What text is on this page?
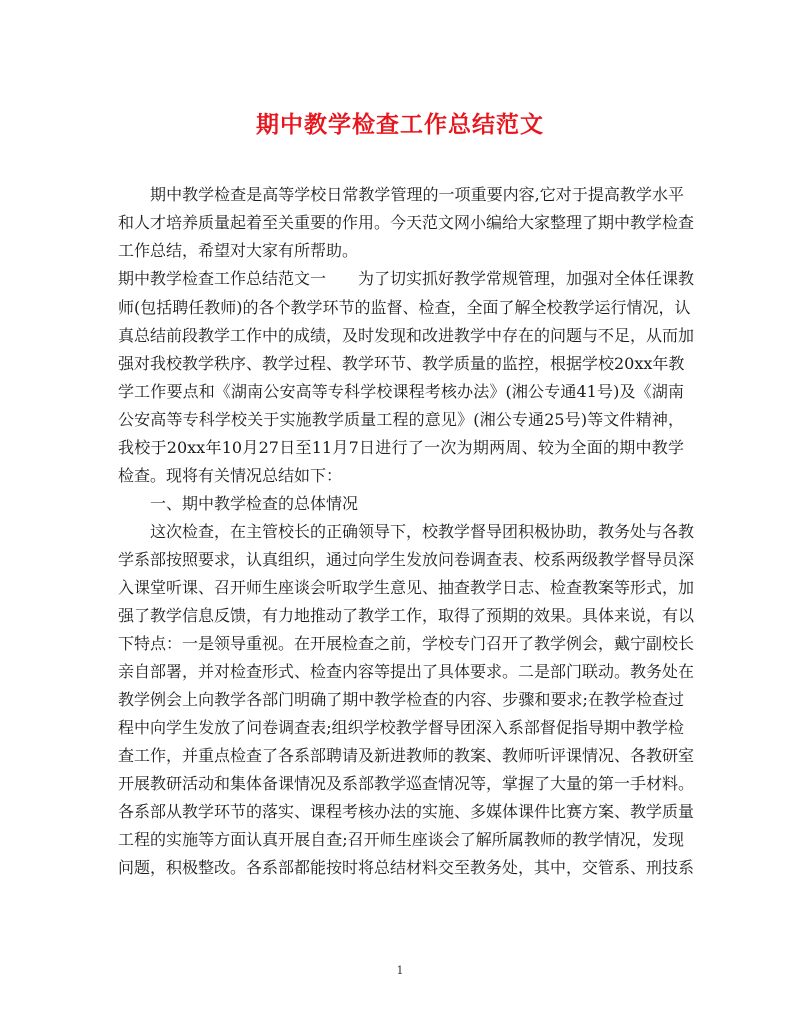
期中教学检查工作总结范文
　　期中教学检查是高等学校日常教学管理的一项重要内容,它对于提高教学水平
和人才培养质量起着至关重要的作用。今天范文网小编给大家整理了期中教学检查
工作总结，希望对大家有所帮助。
期中教学检查工作总结范文一　　为了切实抓好教学常规管理，加强对全体任课教
师(包括聘任教师)的各个教学环节的监督、检查，全面了解全校教学运行情况，认
真总结前段教学工作中的成绩，及时发现和改进教学中存在的问题与不足，从而加
强对我校教学秩序、教学过程、教学环节、教学质量的监控，根据学校20xx年教
学工作要点和《湖南公安高等专科学校课程考核办法》(湘公专通41号)及《湖南
公安高等专科学校关于实施教学质量工程的意见》(湘公专通25号)等文件精神，
我校于20xx年10月27日至11月7日进行了一次为期两周、较为全面的期中教学
检查。现将有关情况总结如下：
　　一、期中教学检查的总体情况
　　这次检查，在主管校长的正确领导下，校教学督导团积极协助，教务处与各教
学系部按照要求，认真组织，通过向学生发放问卷调查表、校系两级教学督导员深
入课堂听课、召开师生座谈会听取学生意见、抽查教学日志、检查教案等形式，加
强了教学信息反馈，有力地推动了教学工作，取得了预期的效果。具体来说，有以
下特点：一是领导重视。在开展检查之前，学校专门召开了教学例会，戴宁副校长
亲自部署，并对检查形式、检查内容等提出了具体要求。二是部门联动。教务处在
教学例会上向教学各部门明确了期中教学检查的内容、步骤和要求;在教学检查过
程中向学生发放了问卷调查表;组织学校教学督导团深入系部督促指导期中教学检
查工作，并重点检查了各系部聘请及新进教师的教案、教师听评课情况、各教研室
开展教研活动和集体备课情况及系部教学巡查情况等，掌握了大量的第一手材料。
各系部从教学环节的落实、课程考核办法的实施、多媒体课件比赛方案、教学质量
工程的实施等方面认真开展自查;召开师生座谈会了解所属教师的教学情况，发现
问题，积极整改。各系部都能按时将总结材料交至教务处，其中，交管系、刑技系
1
